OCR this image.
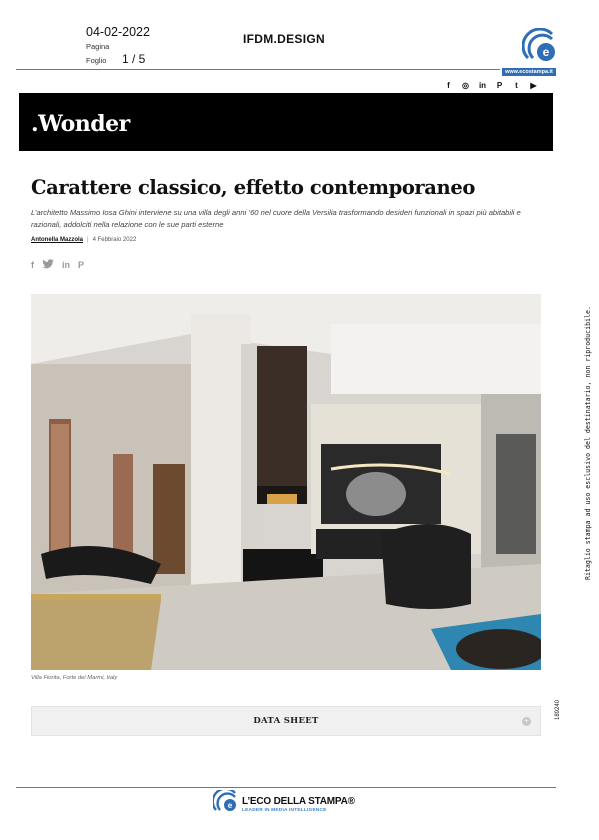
04-02-2022
Pagina
Foglio 1 / 5
IFDM.DESIGN
e
www.ecostampa.it
f	◎ in P	t	▶
.Wonder
Carattere classico, effetto contemporaneo
L’architetto Massimo Iosa Ghini interviene su una villa degli anni ’60 nel cuore della Versilia trasformando desideri funzionali in spazi più abitabili e razionali, addolciti nella relazione con le sue parti esterne
Antonella Mazzola | 4 Febbraio 2022
f	in P
Villa Fiorita, Forte dei Marmi, Italy
DATA SHEET	+
Ritaglio stampa ad uso esclusivo del destinatario, non riproducibile.
189240
e L’ECO DELLA STAMPA®
LEADER IN MEDIA INTELLIGENCE
